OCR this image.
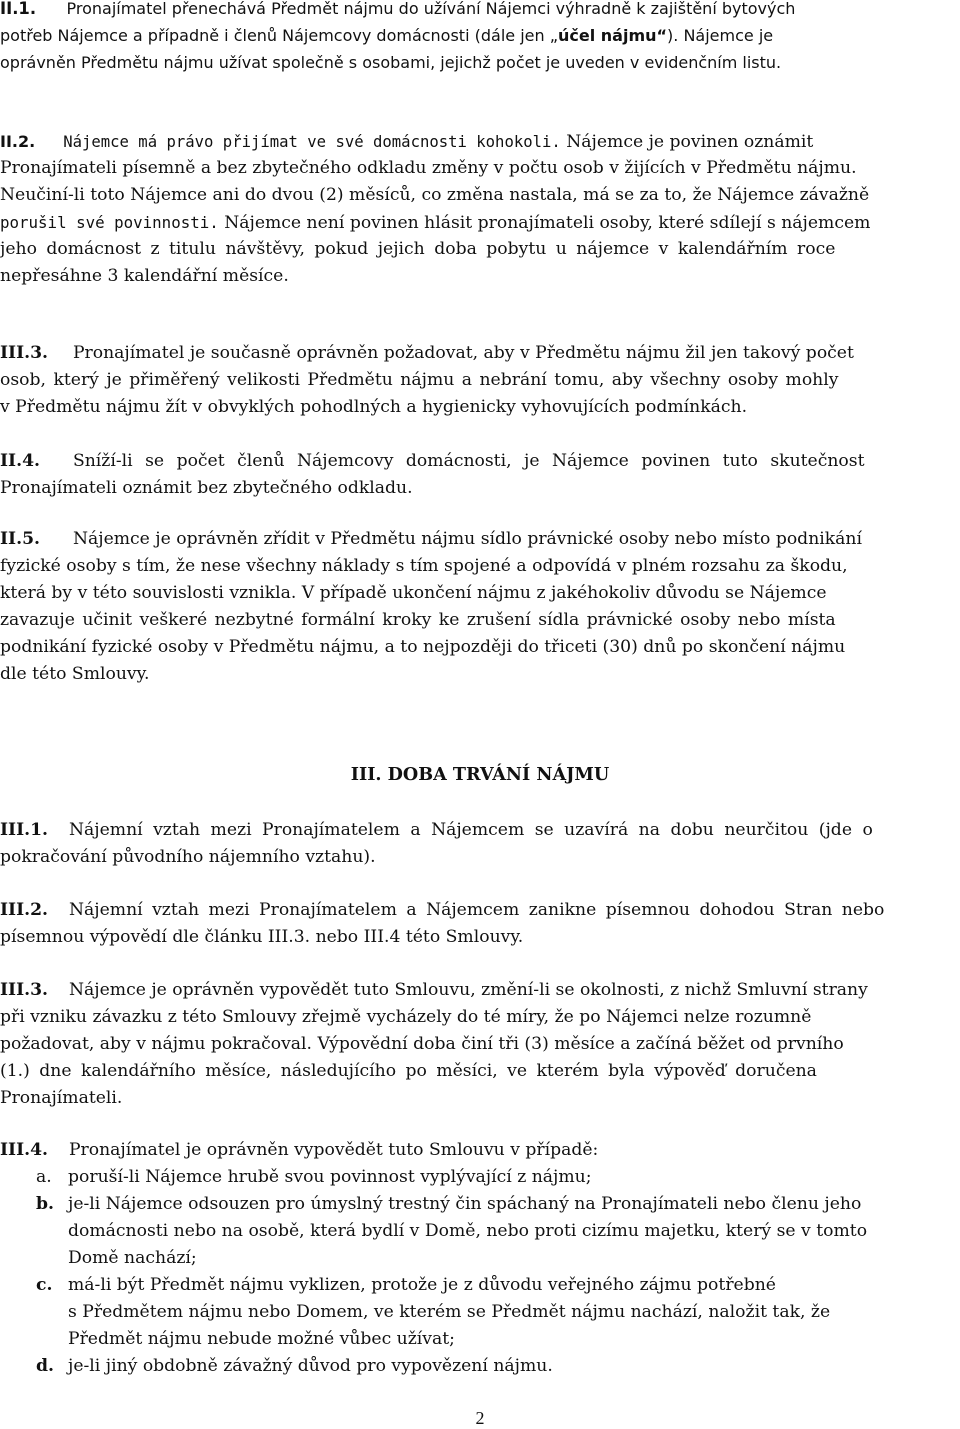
II.1. Pronajímatel přenechává Předmět nájmu do užívání Nájemci výhradně k zajištění bytových
potřeb Nájemce a případně i členů Nájemcovy domácnosti (dále jen „účel nájmu“). Nájemce je
oprávněn Předmětu nájmu užívat společně s osobami, jejichž počet je uveden v evidenčním listu.
II.2. Nájemce má právo přijímat ve své domácnosti kohokoli. Nájemce je povinen oznámit
Pronajímateli písemně a bez zbytečného odkladu změny v počtu osob v žijících v Předmětu nájmu.
Neučiní-li toto Nájemce ani do dvou (2) měsíců, co změna nastala, má se za to, že Nájemce závažně
porušil své povinnosti. Nájemce není povinen hlásit pronajímateli osoby, které sdílejí s nájemcem
jeho domácnost z titulu návštěvy, pokud jejich doba pobytu u nájemce v kalendářním roce
nepřesáhne 3 kalendářní měsíce.
III.3. Pronajímatel je současně oprávněn požadovat, aby v Předmětu nájmu žil jen takový počet
osob, který je přiměřený velikosti Předmětu nájmu a nebrání tomu, aby všechny osoby mohly
v Předmětu nájmu žít v obvyklých pohodlných a hygienicky vyhovujících podmínkách.
II.4. Sníží-li se počet členů Nájemcovy domácnosti, je Nájemce povinen tuto skutečnost
Pronajímateli oznámit bez zbytečného odkladu.
II.5. Nájemce je oprávněn zřídit v Předmětu nájmu sídlo právnické osoby nebo místo podnikání
fyzické osoby s tím, že nese všechny náklady s tím spojené a odpovídá v plném rozsahu za škodu,
která by v této souvislosti vznikla. V případě ukončení nájmu z jakéhokoliv důvodu se Nájemce
zavazuje učinit veškeré nezbytné formální kroky ke zrušení sídla právnické osoby nebo místa
podnikání fyzické osoby v Předmětu nájmu, a to nejpozději do třiceti (30) dnů po skončení nájmu
dle této Smlouvy.
III. DOBA TRVÁNÍ NÁJMU
III.1. Nájemní vztah mezi Pronajímatelem a Nájemcem se uzavírá na dobu neurčitou (jde o
pokračování původního nájemního vztahu).
III.2. Nájemní vztah mezi Pronajímatelem a Nájemcem zanikne písemnou dohodou Stran nebo
písemnou výpovědí dle článku III.3. nebo III.4 této Smlouvy.
III.3. Nájemce je oprávněn vypovědět tuto Smlouvu, změní-li se okolnosti, z nichž Smluvní strany
při vzniku závazku z této Smlouvy zřejmě vycházely do té míry, že po Nájemci nelze rozumně
požadovat, aby v nájmu pokračoval. Výpovědní doba činí tři (3) měsíce a začíná běžet od prvního
(1.) dne kalendářního měsíce, následujícího po měsíci, ve kterém byla výpověď doručena
Pronajímateli.
III.4. Pronajímatel je oprávněn vypovědět tuto Smlouvu v případě:
a. poruší-li Nájemce hrubě svou povinnost vyplývající z nájmu;
b. je-li Nájemce odsouzen pro úmyslný trestný čin spáchaný na Pronajímateli nebo členu jeho
domácnosti nebo na osobě, která bydlí v Domě, nebo proti cizímu majetku, který se v tomto
Domě nachází;
c. má-li být Předmět nájmu vyklizen, protože je z důvodu veřejného zájmu potřebné
s Předmětem nájmu nebo Domem, ve kterém se Předmět nájmu nachází, naložit tak, že
Předmět nájmu nebude možné vůbec užívat;
d. je-li jiný obdobně závažný důvod pro vypovězení nájmu.
2
